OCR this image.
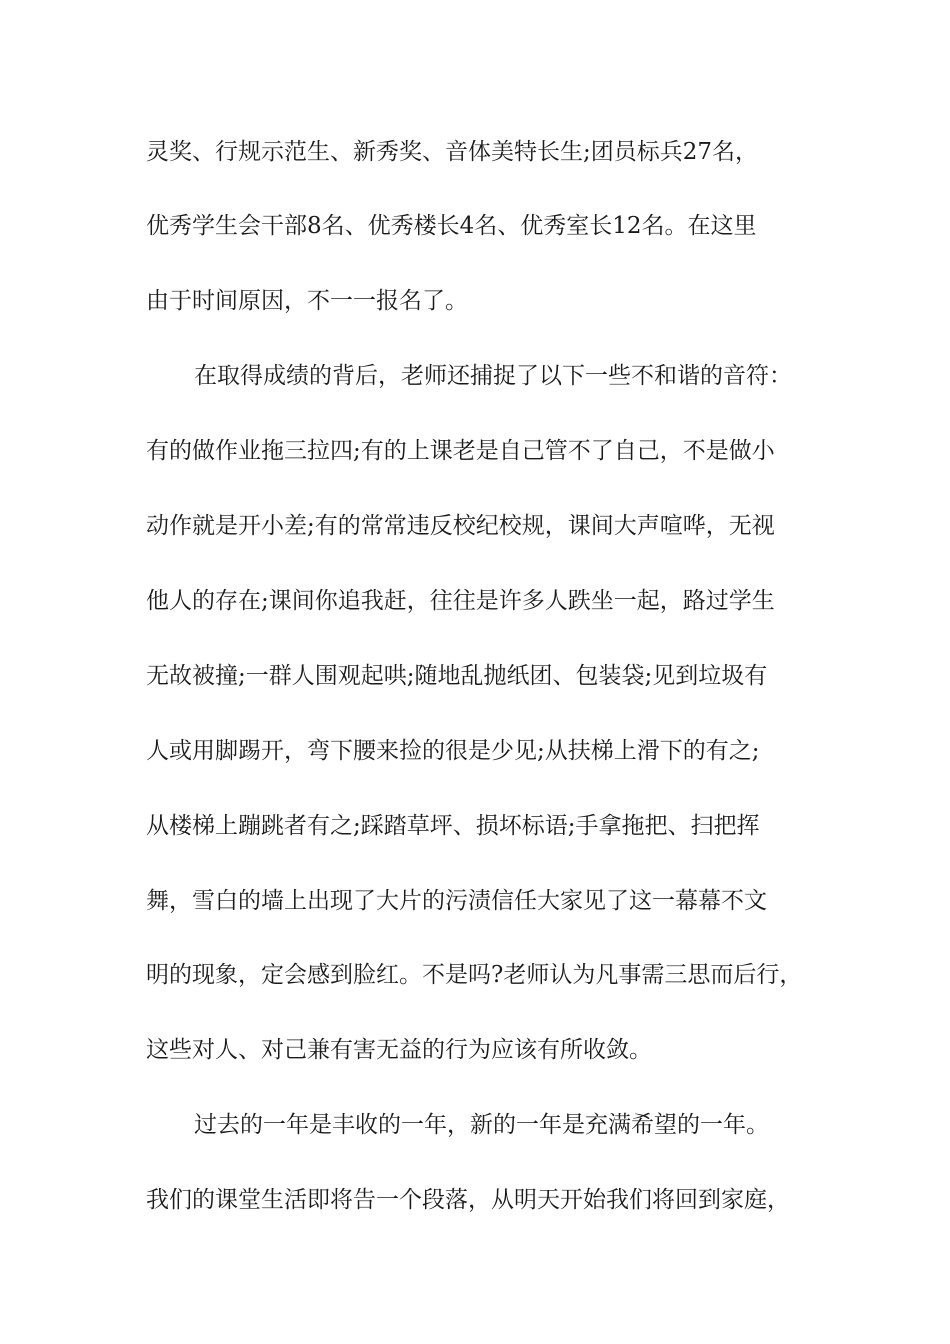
灵奖、行规示范生、新秀奖、音体美特长生;团员标兵27名，
优秀学生会干部8名、优秀楼长4名、优秀室长12名。在这里
由于时间原因，不一一报名了。
在取得成绩的背后，老师还捕捉了以下一些不和谐的音符：
有的做作业拖三拉四;有的上课老是自己管不了自己，不是做小
动作就是开小差;有的常常违反校纪校规，课间大声喧哗，无视
他人的存在;课间你追我赶，往往是许多人跌坐一起，路过学生
无故被撞;一群人围观起哄;随地乱抛纸团、包装袋;见到垃圾有
人或用脚踢开，弯下腰来捡的很是少见;从扶梯上滑下的有之;
从楼梯上蹦跳者有之;踩踏草坪、损坏标语;手拿拖把、扫把挥
舞，雪白的墙上出现了大片的污渍信任大家见了这一幕幕不文
明的现象，定会感到脸红。不是吗?老师认为凡事需三思而后行，
这些对人、对己兼有害无益的行为应该有所收敛。
过去的一年是丰收的一年，新的一年是充满希望的一年。
我们的课堂生活即将告一个段落，从明天开始我们将回到家庭，
